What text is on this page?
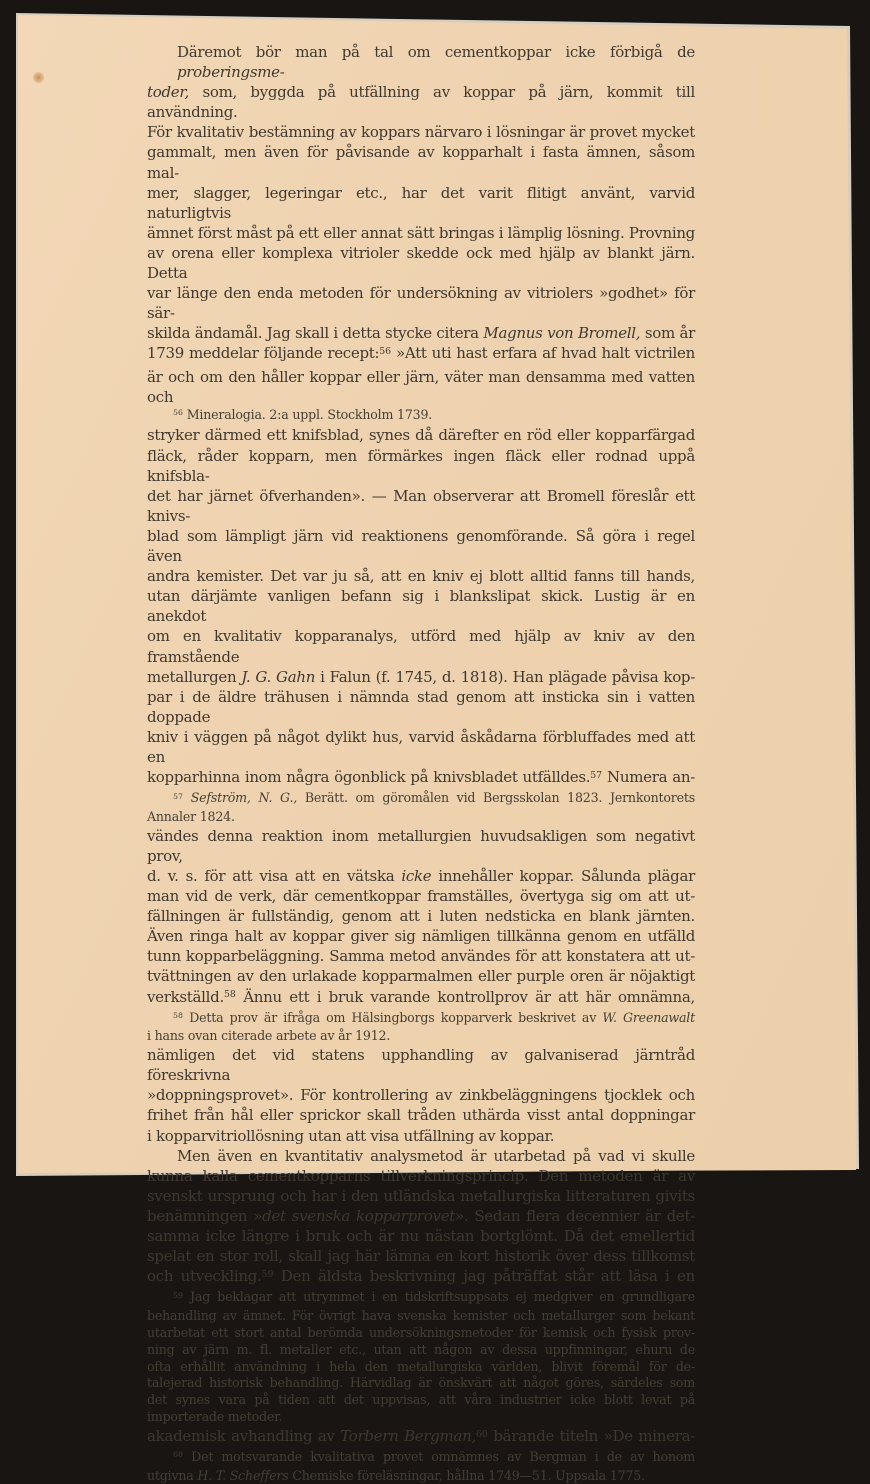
Däremot bör man på tal om cementkoppar icke förbigå de proberingsme-
toder, som, byggda på utfällning av koppar på järn, kommit till användning.
För kvalitativ bestämning av koppars närvaro i lösningar är provet mycket
gammalt, men även för påvisande av kopparhalt i fasta ämnen, såsom mal-
mer, slagger, legeringar etc., har det varit flitigt använt, varvid naturligtvis
ämnet först måst på ett eller annat sätt bringas i lämplig lösning. Provning
av orena eller komplexa vitrioler skedde ock med hjälp av blankt järn. Detta
var länge den enda metoden för undersökning av vitriolers »godhet» för sär-
skilda ändamål. Jag skall i detta stycke citera Magnus von Bromell, som år
1739 meddelar följande recept:$^{56}$ »Att uti hast erfara af hvad halt victrilen
är och om den håller koppar eller järn, väter man densamma med vatten och
$^{56}$ Mineralogia. 2:a uppl. Stockholm 1739.
stryker därmed ett knifsblad, synes då därefter en röd eller kopparfärgad
fläck, råder kopparn, men förmärkes ingen fläck eller rodnad uppå knifsbla-
det har järnet öfverhanden». — Man observerar att Bromell föreslår ett knivs-
blad som lämpligt järn vid reaktionens genomförande. Så göra i regel även
andra kemister. Det var ju så, att en kniv ej blott alltid fanns till hands,
utan därjämte vanligen befann sig i blankslipat skick. Lustig är en anekdot
om en kvalitativ kopparanalys, utförd med hjälp av kniv av den framstående
metallurgen J. G. Gahn i Falun (f. 1745, d. 1818). Han plägade påvisa kop-
par i de äldre trähusen i nämnda stad genom att insticka sin i vatten doppade
kniv i väggen på något dylikt hus, varvid åskådarna förbluffades med att en
kopparhinna inom några ögonblick på knivsbladet utfälldes.$^{57}$ Numera an-
$^{57}$ Sefström, N. G., Berätt. om göromålen vid Bergsskolan 1823. Jernkontorets
Annaler 1824.
vändes denna reaktion inom metallurgien huvudsakligen som negativt prov,
d. v. s. för att visa att en vätska icke innehåller koppar. Sålunda plägar
man vid de verk, där cementkoppar framställes, övertyga sig om att ut-
fällningen är fullständig, genom att i luten nedsticka en blank järnten.
Även ringa halt av koppar giver sig nämligen tillkänna genom en utfälld
tunn kopparbeläggning. Samma metod användes för att konstatera att ut-
tvättningen av den urlakade kopparmalmen eller purple oren är nöjaktigt
verkställd.$^{58}$ Ännu ett i bruk varande kontrollprov är att här omnämna,
$^{58}$ Detta prov är ifråga om Hälsingborgs kopparverk beskrivet av W. Greenawalt
i hans ovan citerade arbete av år 1912.
nämligen det vid statens upphandling av galvaniserad järntråd föreskrivna
»doppningsprovet». För kontrollering av zinkbeläggningens tjocklek och
frihet från hål eller sprickor skall tråden uthärda visst antal doppningar
i kopparvitriollösning utan att visa utfällning av koppar.
Men även en kvantitativ analysmetod är utarbetad på vad vi skulle
kunna kalla cementkopparns tillverkningsprincip. Den metoden är av
svenskt ursprung och har i den utländska metallurgiska litteraturen givits
benämningen »det svenska kopparprovet». Sedan flera decennier är det-
samma icke längre i bruk och är nu nästan bortglömt. Då det emellertid
spelat en stor roll, skall jag här lämna en kort historik över dess tillkomst
och utveckling.$^{59}$ Den äldsta beskrivning jag påträffat står att läsa i en
$^{59}$ Jag beklagar att utrymmet i en tidskriftsuppsats ej medgiver en grundligare
behandling av ämnet. För övrigt hava svenska kemister och metallurger som bekant
utarbetat ett stort antal berömda undersökningsmetoder för kemisk och fysisk prov-
ning av järn m. fl. metaller etc., utan att någon av dessa uppfinningar, ehuru de
ofta erhållit användning i hela den metallurgiska världen, blivit föremål för de-
talejerad historisk behandling. Härvidlag är önskvärt att något göres, särdeles som
det synes vara på tiden att det uppvisas, att våra industrier icke blott levat på
importerade metoder.
akademisk avhandling av Torbern Bergman,$^{60}$ bärande titeln »De minera-
$^{60}$ Det motsvarande kvalitativa provet omnämnes av Bergman i de av honom
utgivna H. T. Scheffers Chemiske föreläsningar, hållna 1749—51. Uppsala 1775.
